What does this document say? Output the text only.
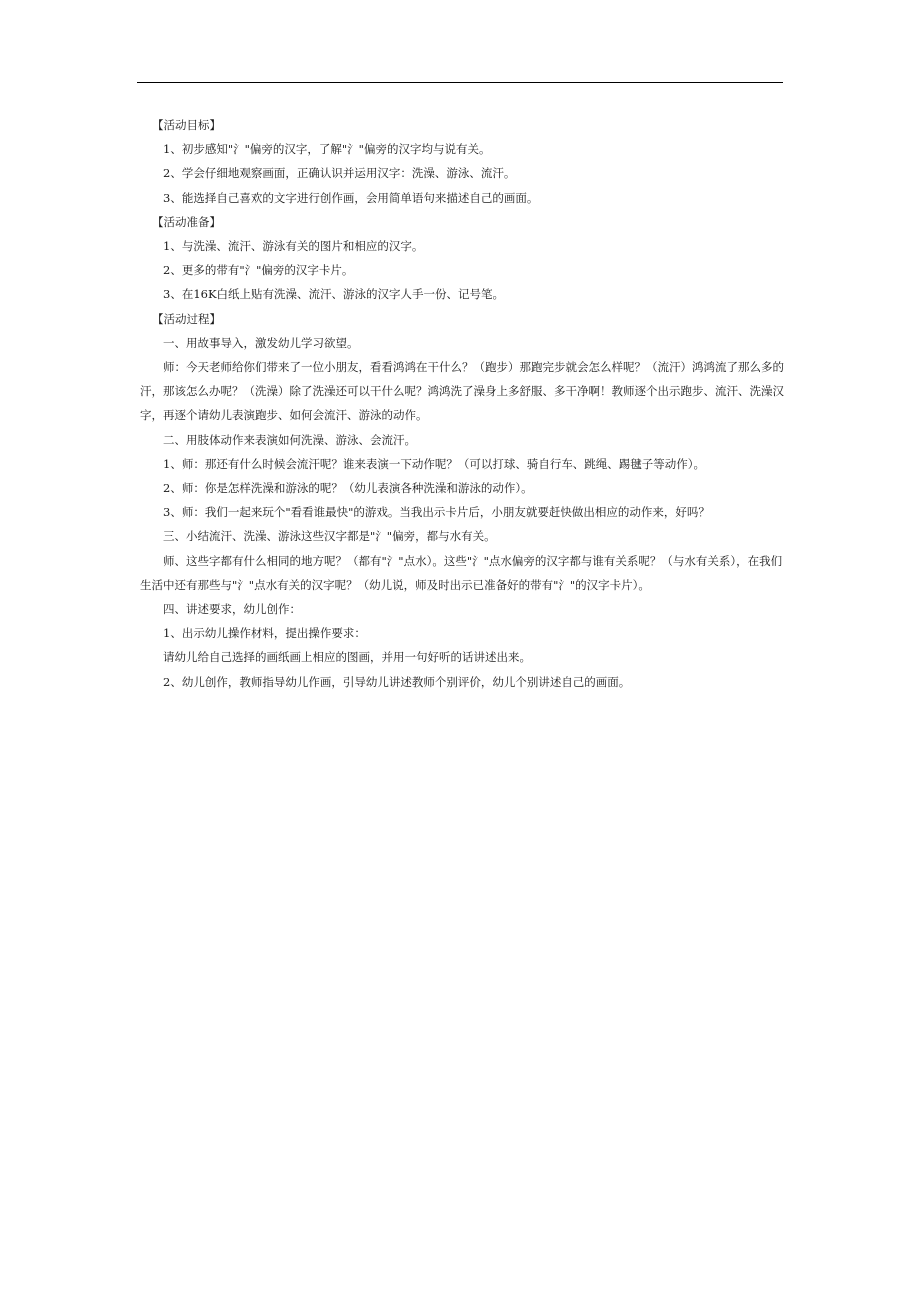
【活动目标】

1、初步感知"氵"偏旁的汉字，了解"氵"偏旁的汉字均与说有关。

2、学会仔细地观察画面，正确认识并运用汉字：洗澡、游泳、流汗。

3、能选择自己喜欢的文字进行创作画，会用简单语句来描述自己的画面。

【活动准备】

1、与洗澡、流汗、游泳有关的图片和相应的汉字。

2、更多的带有"氵"偏旁的汉字卡片。

3、在16K白纸上贴有洗澡、流汗、游泳的汉字人手一份、记号笔。

【活动过程】

一、用故事导入，激发幼儿学习欲望。

师：今天老师给你们带来了一位小朋友，看看鸿鸿在干什么？（跑步）那跑完步就会怎么样呢？（流汗）鸿鸿流了那么多的汗，那该怎么办呢？（洗澡）除了洗澡还可以干什么呢？鸿鸿洗了澡身上多舒服、多干净啊！教师逐个出示跑步、流汗、洗澡汉字，再逐个请幼儿表演跑步、如何会流汗、游泳的动作。

二、用肢体动作来表演如何洗澡、游泳、会流汗。

1、师：那还有什么时候会流汗呢？谁来表演一下动作呢？（可以打球、骑自行车、跳绳、踢毽子等动作）。

2、师：你是怎样洗澡和游泳的呢？（幼儿表演各种洗澡和游泳的动作）。

3、师：我们一起来玩个"看看谁最快"的游戏。当我出示卡片后，小朋友就要赶快做出相应的动作来，好吗？

三、小结流汗、洗澡、游泳这些汉字都是"氵"偏旁，都与水有关。

师、这些字都有什么相同的地方呢？（都有"氵"点水）。这些"氵"点水偏旁的汉字都与谁有关系呢？（与水有关系），在我们生活中还有那些与"氵"点水有关的汉字呢？（幼儿说，师及时出示已准备好的带有"氵"的汉字卡片）。

四、讲述要求，幼儿创作：

1、出示幼儿操作材料，提出操作要求：

请幼儿给自己选择的画纸画上相应的图画，并用一句好听的话讲述出来。

2、幼儿创作，教师指导幼儿作画，引导幼儿讲述教师个别评价，幼儿个别讲述自己的画面。
